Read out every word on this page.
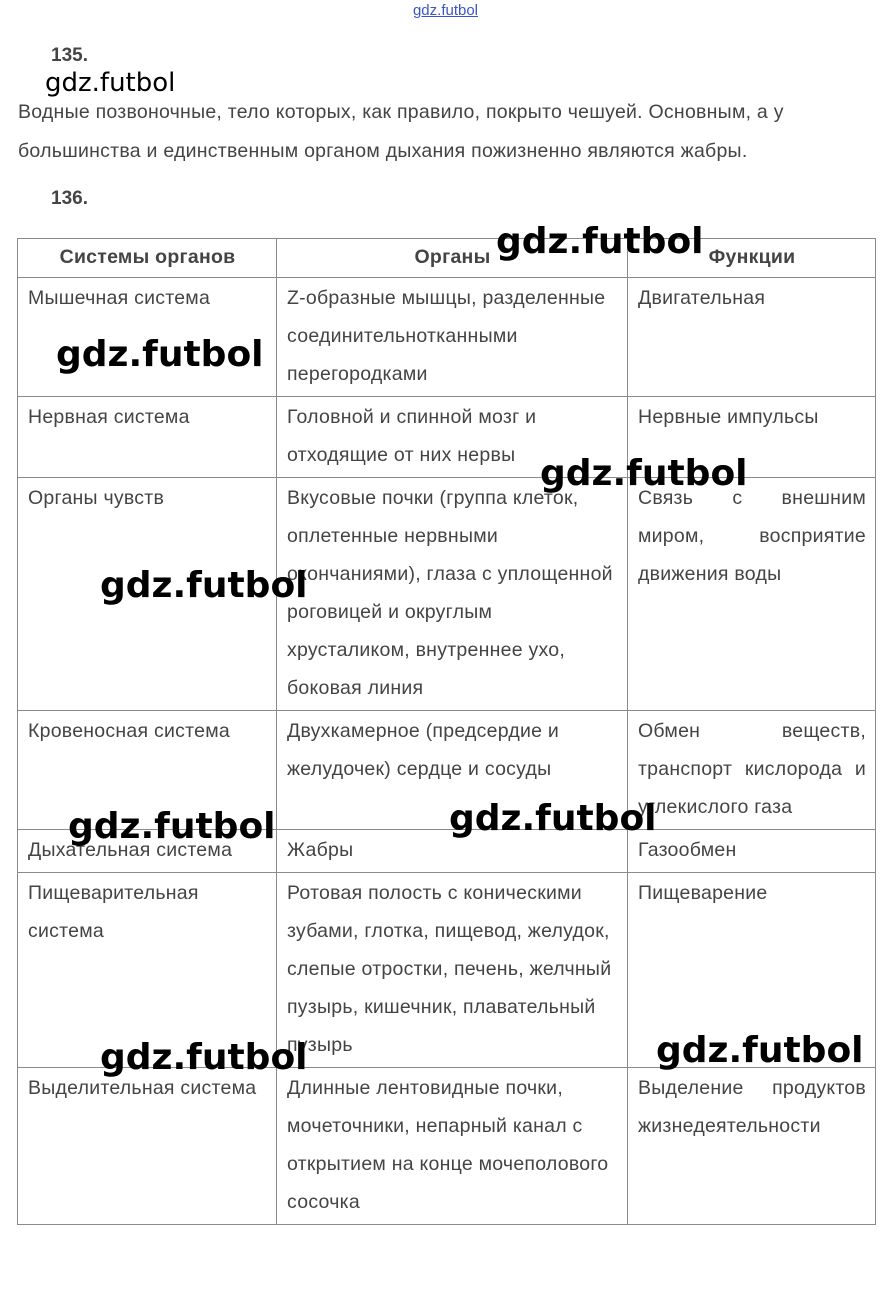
gdz.futbol
135.

Водные позвоночные, тело которых, как правило, покрыто чешуей. Основным, а у большинства и единственным органом дыхания пожизненно являются жабры.

136.
Системы органов	Органы	Функции
Мышечная система	Z-образные мышцы, разделенные соединительнотканными перегородками	Двигательная
Нервная система	Головной и спинной мозг и отходящие от них нервы	Нервные импульсы
Органы чувств	Вкусовые почки (группа клеток, оплетенные нервными окончаниями), глаза с уплощенной роговицей и округлым хрусталиком, внутреннее ухо, боковая линия	Связь с внешним миром, восприятие движения воды
Кровеносная система	Двухкамерное (предсердие и желудочек) сердце и сосуды	Обмен веществ, транспорт кислорода и углекислого газа
Дыхательная система	Жабры	Газообмен
Пищеварительная система	Ротовая полость с коническими зубами, глотка, пищевод, желудок, слепые отростки, печень, желчный пузырь, кишечник, плавательный пузырь	Пищеварение
Выделительная система	Длинные лентовидные почки, мочеточники, непарный канал с открытием на конце мочеполового сосочка	Выделение продуктов жизнедеятельности
gdz.futbol
gdz.futbol
gdz.futbol
gdz.futbol
gdz.futbol
gdz.futbol
gdz.futbol
gdz.futbol
gdz.futbol
